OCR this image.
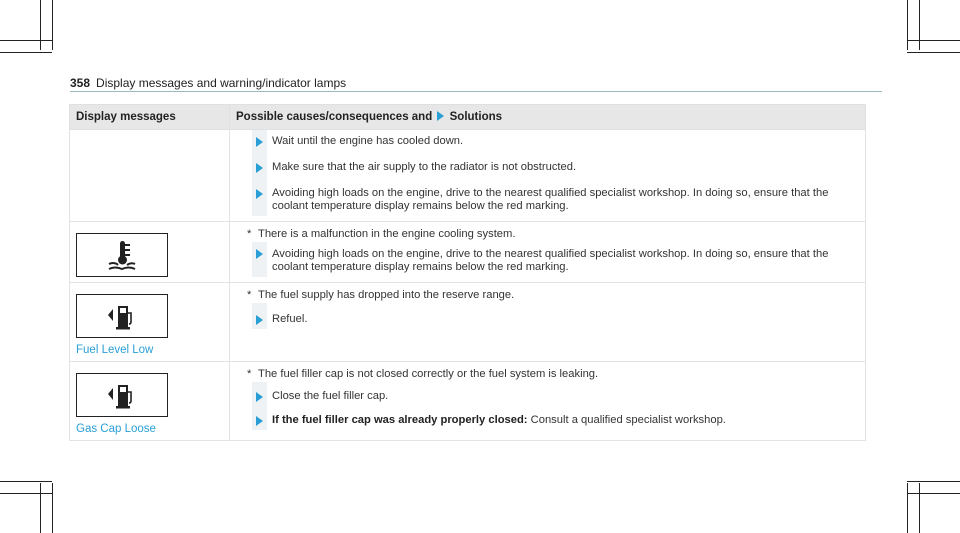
358 Display messages and warning/indicator lamps
Display messages	Possible causes/consequences and Solutions

Wait until the engine has cooled down.
Make sure that the air supply to the radiator is not obstructed.
Avoiding high loads on the engine, drive to the nearest qualified specialist workshop. In doing so, ensure that the coolant temperature display remains below the red marking.

* There is a malfunction in the engine cooling system.
Avoiding high loads on the engine, drive to the nearest qualified specialist workshop. In doing so, ensure that the coolant temperature display remains below the red marking.

Fuel Level Low	* The fuel supply has dropped into the reserve range.
Refuel.

Gas Cap Loose	* The fuel filler cap is not closed correctly or the fuel system is leaking.
Close the fuel filler cap.
If the fuel filler cap was already properly closed: Consult a qualified specialist workshop.
